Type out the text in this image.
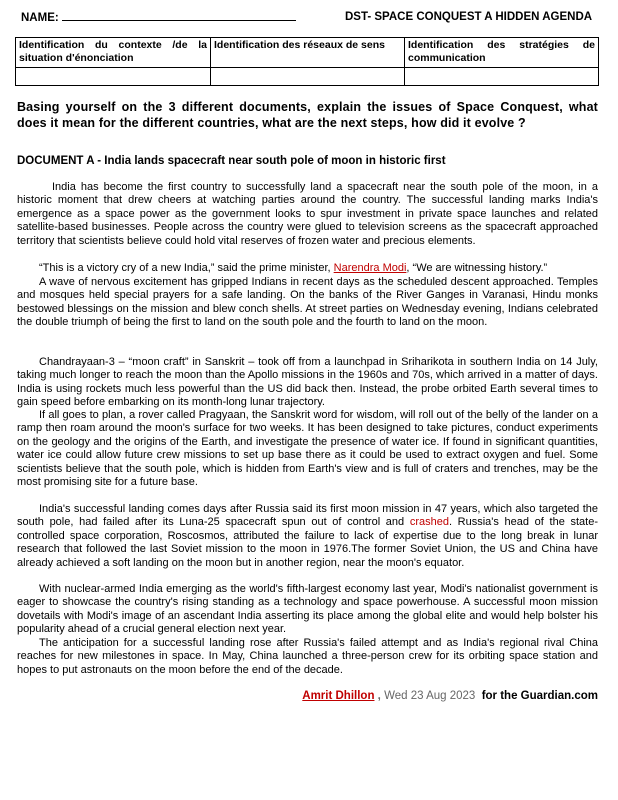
NAME:	DST- SPACE CONQUEST A HIDDEN AGENDA
Identification du contexte /de la situation d'énonciation	Identification des réseaux de sens	Identification des stratégies de communication

Basing yourself on the 3 different documents, explain the issues of Space Conquest, what does it mean for the different countries, what are the next steps, how did it evolve ?
DOCUMENT A - India lands spacecraft near south pole of moon in historic first

India has become the first country to successfully land a spacecraft near the south pole of the moon, in a historic moment that drew cheers at watching parties around the country. The successful landing marks India's emergence as a space power as the government looks to spur investment in private space launches and related satellite-based businesses. People across the country were glued to television screens as the spacecraft approached territory that scientists believe could hold vital reserves of frozen water and precious elements.

“This is a victory cry of a new India,” said the prime minister, Narendra Modi, “We are witnessing history.”

A wave of nervous excitement has gripped Indians in recent days as the scheduled descent approached. Temples and mosques held special prayers for a safe landing. On the banks of the River Ganges in Varanasi, Hindu monks bestowed blessings on the mission and blew conch shells. At street parties on Wednesday evening, Indians celebrated the double triumph of being the first to land on the south pole and the fourth to land on the moon.

Chandrayaan-3 – “moon craft” in Sanskrit – took off from a launchpad in Sriharikota in southern India on 14 July, taking much longer to reach the moon than the Apollo missions in the 1960s and 70s, which arrived in a matter of days. India is using rockets much less powerful than the US did back then. Instead, the probe orbited Earth several times to gain speed before embarking on its month-long lunar trajectory.

If all goes to plan, a rover called Pragyaan, the Sanskrit word for wisdom, will roll out of the belly of the lander on a ramp then roam around the moon's surface for two weeks. It has been designed to take pictures, conduct experiments on the geology and the origins of the Earth, and investigate the presence of water ice. If found in significant quantities, water ice could allow future crew missions to set up base there as it could be used to extract oxygen and fuel. Some scientists believe that the south pole, which is hidden from Earth's view and is full of craters and trenches, may be the most promising site for a future base.

India's successful landing comes days after Russia said its first moon mission in 47 years, which also targeted the south pole, had failed after its Luna-25 spacecraft spun out of control and crashed. Russia's head of the state-controlled space corporation, Roscosmos, attributed the failure to lack of expertise due to the long break in lunar research that followed the last Soviet mission to the moon in 1976.The former Soviet Union, the US and China have already achieved a soft landing on the moon but in another region, near the moon's equator.

With nuclear-armed India emerging as the world's fifth-largest economy last year, Modi's nationalist government is eager to showcase the country's rising standing as a technology and space powerhouse. A successful moon mission dovetails with Modi's image of an ascendant India asserting its place among the global elite and would help bolster his popularity ahead of a crucial general election next year.

The anticipation for a successful landing rose after Russia's failed attempt and as India's regional rival China reaches for new milestones in space. In May, China launched a three-person crew for its orbiting space station and hopes to put astronauts on the moon before the end of the decade.

Amrit Dhillon , Wed 23 Aug 2023 for the Guardian.com
